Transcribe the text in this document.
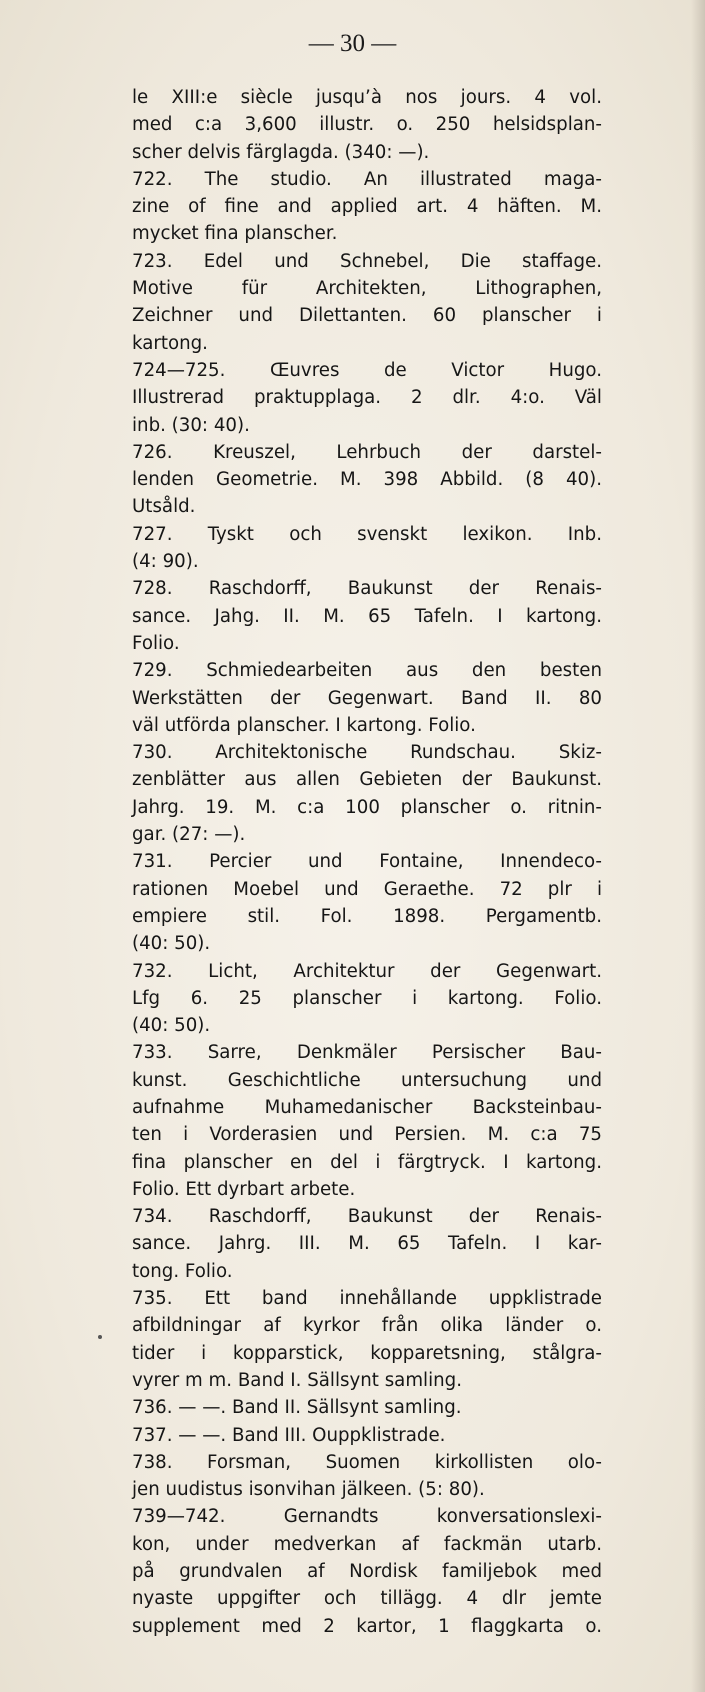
— 30 —
le XIII:e siècle jusqu’à nos jours. 4 vol.
med c:a 3,600 illustr. o. 250 helsidsplan-
scher delvis färglagda. (340: —).
722. The studio. An illustrated maga-
zine of fine and applied art. 4 häften. M.
mycket fina planscher.
723. Edel und Schnebel, Die staffage.
Motive für Architekten, Lithographen,
Zeichner und Dilettanten. 60 planscher i
kartong.
724—725. Œuvres de Victor Hugo.
Illustrerad praktupplaga. 2 dlr. 4:o. Väl
inb. (30: 40).
726. Kreuszel, Lehrbuch der darstel-
lenden Geometrie. M. 398 Abbild. (8 40).
Utsåld.
727. Tyskt och svenskt lexikon. Inb.
(4: 90).
728. Raschdorff, Baukunst der Renais-
sance. Jahg. II. M. 65 Tafeln. I kartong.
Folio.
729. Schmiedearbeiten aus den besten
Werkstätten der Gegenwart. Band II. 80
väl utförda planscher. I kartong. Folio.
730. Architektonische Rundschau. Skiz-
zenblätter aus allen Gebieten der Baukunst.
Jahrg. 19. M. c:a 100 planscher o. ritnin-
gar. (27: —).
731. Percier und Fontaine, Innendeco-
rationen Moebel und Geraethe. 72 plr i
empiere stil. Fol. 1898. Pergamentb.
(40: 50).
732. Licht, Architektur der Gegenwart.
Lfg 6. 25 planscher i kartong. Folio.
(40: 50).
733. Sarre, Denkmäler Persischer Bau-
kunst. Geschichtliche untersuchung und
aufnahme Muhamedanischer Backsteinbau-
ten i Vorderasien und Persien. M. c:a 75
fina planscher en del i färgtryck. I kartong.
Folio. Ett dyrbart arbete.
734. Raschdorff, Baukunst der Renais-
sance. Jahrg. III. M. 65 Tafeln. I kar-
tong. Folio.
735. Ett band innehållande uppklistrade
afbildningar af kyrkor från olika länder o.
tider i kopparstick, kopparetsning, stålgra-
vyrer m m. Band I. Sällsynt samling.
736. — —. Band II. Sällsynt samling.
737. — —. Band III. Ouppklistrade.
738. Forsman, Suomen kirkollisten olo-
jen uudistus isonvihan jälkeen. (5: 80).
739—742. Gernandts konversationslexi-
kon, under medverkan af fackmän utarb.
på grundvalen af Nordisk familjebok med
nyaste uppgifter och tillägg. 4 dlr jemte
supplement med 2 kartor, 1 flaggkarta o.
